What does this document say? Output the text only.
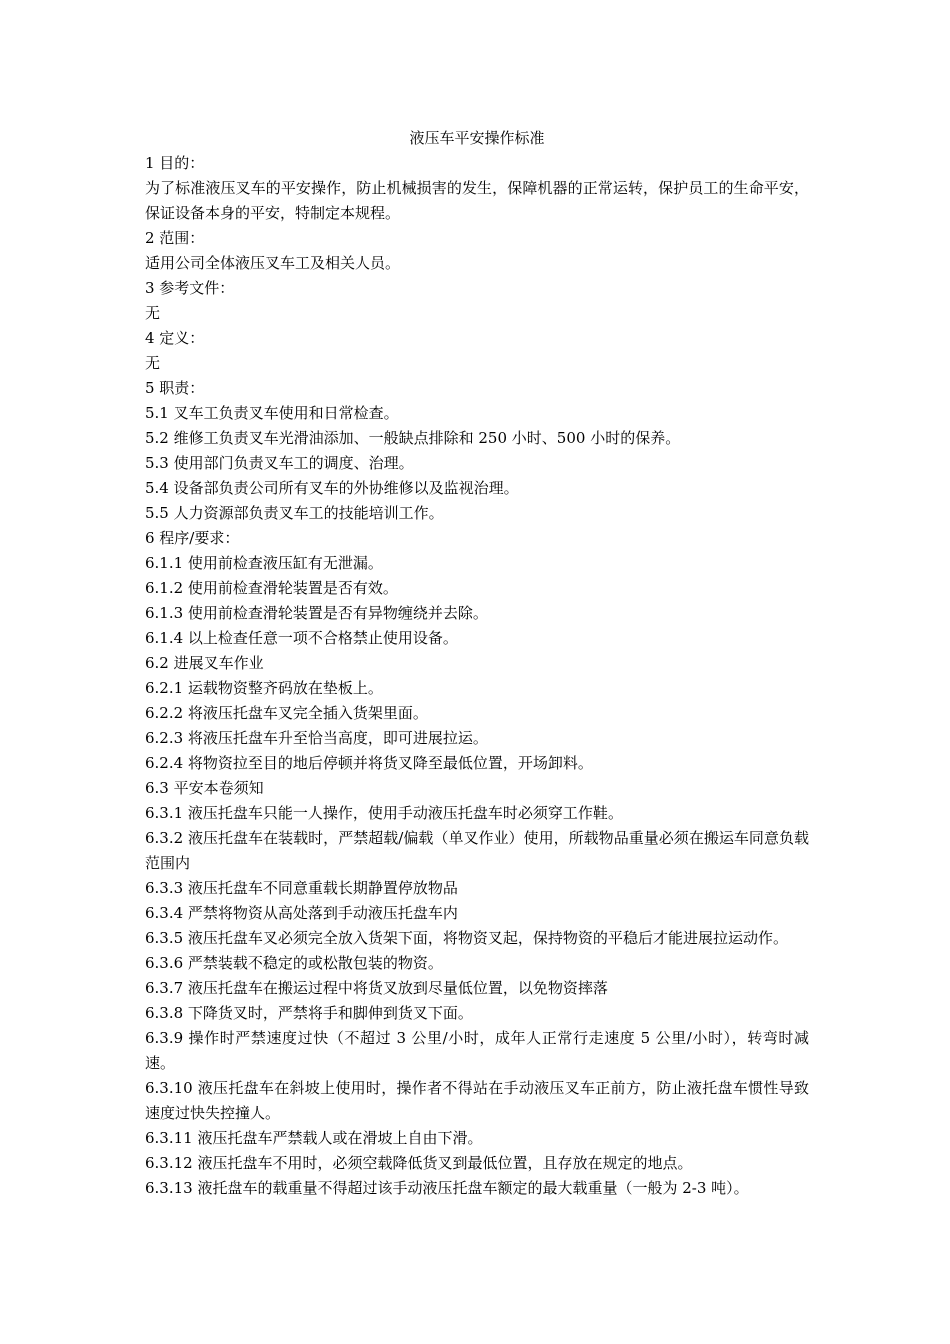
液压车平安操作标准

1 目的：

为了标准液压叉车的平安操作，防止机械损害的发生，保障机器的正常运转，保护员工的生命平安，保证设备本身的平安，特制定本规程。

2 范围：

适用公司全体液压叉车工及相关人员。

3 参考文件：

无

4 定义：

无

5 职责：

5.1 叉车工负责叉车使用和日常检查。

5.2 维修工负责叉车光滑油添加、一般缺点排除和 250 小时、500 小时的保养。

5.3 使用部门负责叉车工的调度、治理。

5.4 设备部负责公司所有叉车的外协维修以及监视治理。

5.5 人力资源部负责叉车工的技能培训工作。

6 程序/要求：

6.1.1 使用前检查液压缸有无泄漏。

6.1.2 使用前检查滑轮装置是否有效。

6.1.3 使用前检查滑轮装置是否有异物缠绕并去除。

6.1.4 以上检查任意一项不合格禁止使用设备。

6.2 进展叉车作业

6.2.1 运载物资整齐码放在垫板上。

6.2.2 将液压托盘车叉完全插入货架里面。

6.2.3 将液压托盘车升至恰当高度，即可进展拉运。

6.2.4 将物资拉至目的地后停顿并将货叉降至最低位置，开场卸料。

6.3 平安本卷须知

6.3.1 液压托盘车只能一人操作，使用手动液压托盘车时必须穿工作鞋。

6.3.2 液压托盘车在装载时，严禁超载/偏载（单叉作业）使用，所载物品重量必须在搬运车同意负载范围内

6.3.3 液压托盘车不同意重载长期静置停放物品

6.3.4 严禁将物资从高处落到手动液压托盘车内

6.3.5 液压托盘车叉必须完全放入货架下面，将物资叉起，保持物资的平稳后才能进展拉运动作。

6.3.6 严禁装载不稳定的或松散包装的物资。

6.3.7 液压托盘车在搬运过程中将货叉放到尽量低位置，以免物资摔落

6.3.8 下降货叉时，严禁将手和脚伸到货叉下面。

6.3.9 操作时严禁速度过快（不超过 3 公里/小时，成年人正常行走速度 5 公里/小时），转弯时减速。

6.3.10 液压托盘车在斜坡上使用时，操作者不得站在手动液压叉车正前方，防止液托盘车惯性导致速度过快失控撞人。

6.3.11 液压托盘车严禁载人或在滑坡上自由下滑。

6.3.12 液压托盘车不用时，必须空载降低货叉到最低位置，且存放在规定的地点。

6.3.13 液托盘车的载重量不得超过该手动液压托盘车额定的最大载重量（一般为 2-3 吨）。
